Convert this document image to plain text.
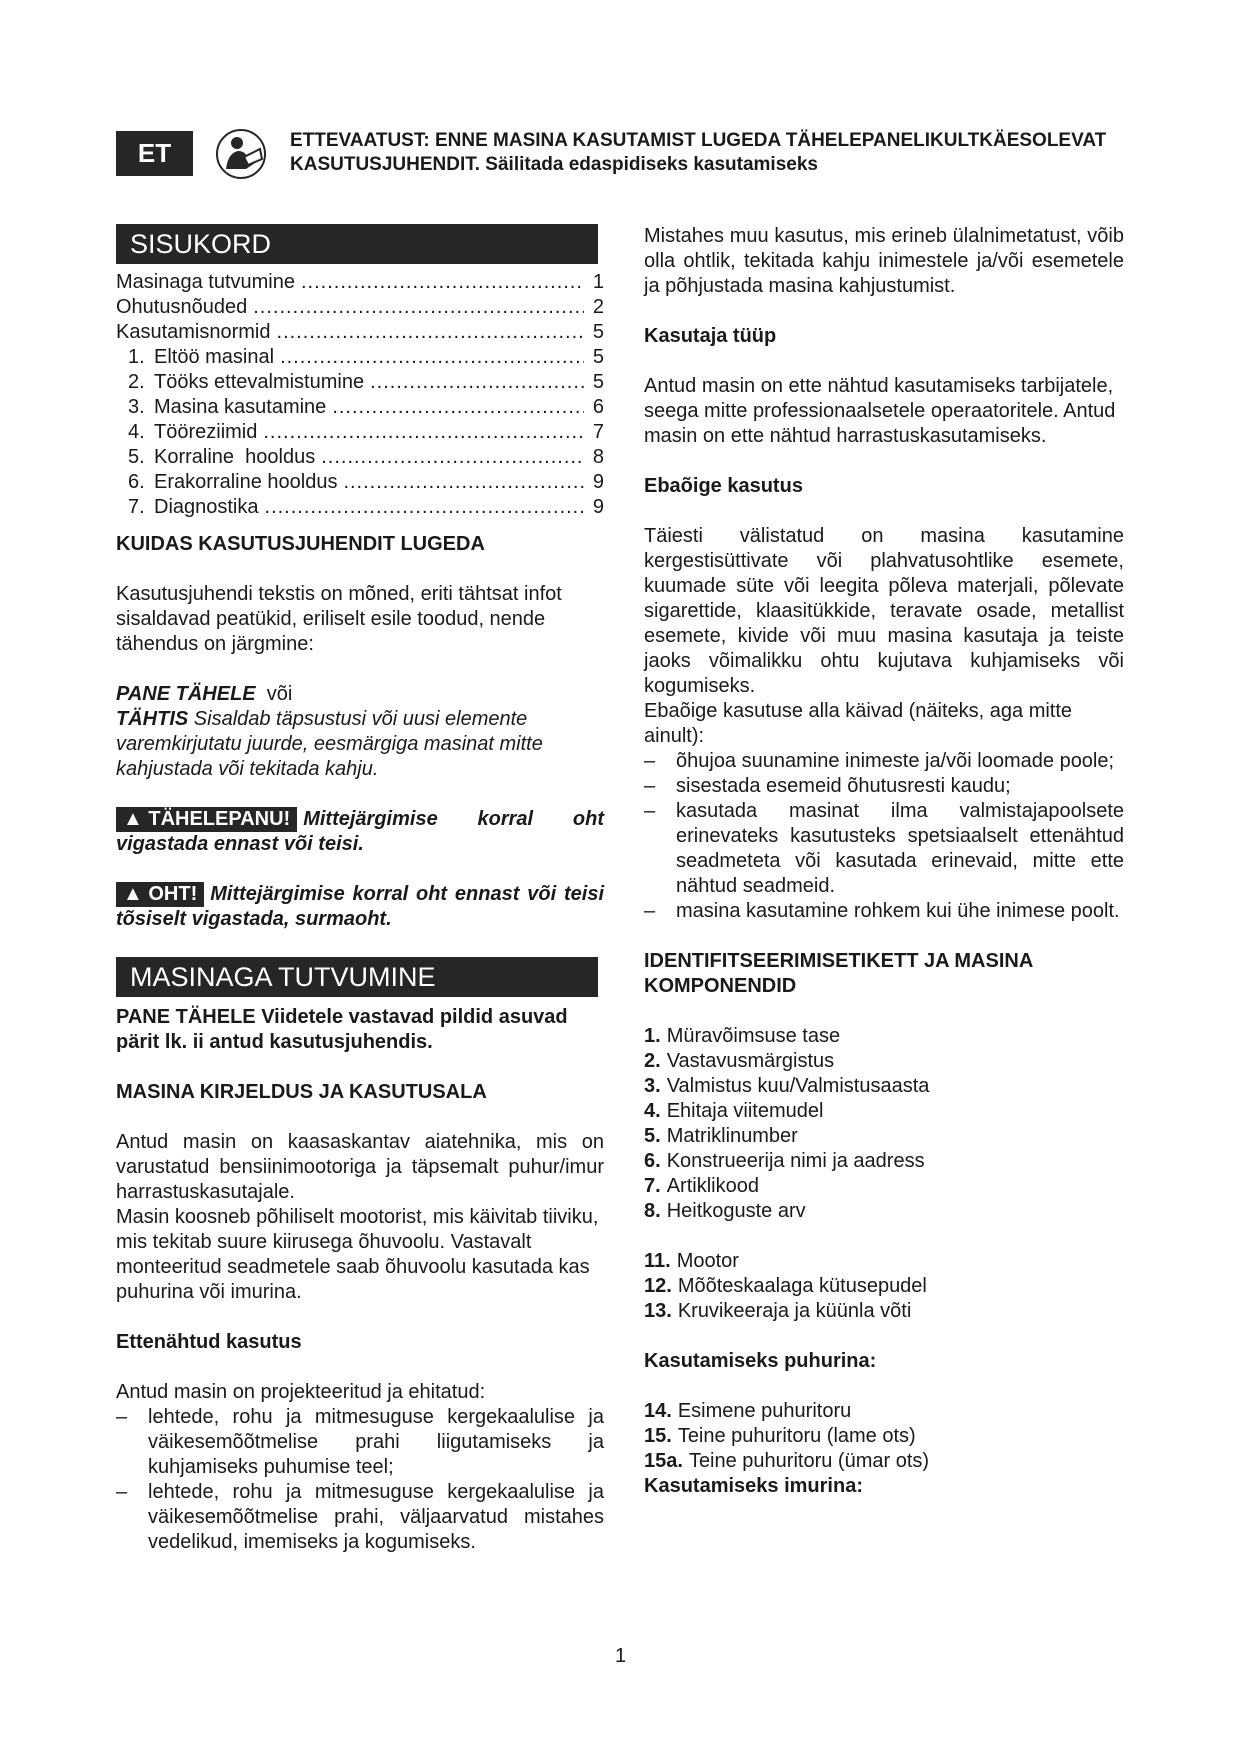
ET	ETTEVAATUST: ENNE MASINA KASUTAMIST LUGEDA TÄHELEPANELIKULTKÄESOLEVAT
KASUTUSJUHENDIT. Säilitada edaspidiseks kasutamiseks
SISUKORD
Masinaga tutvumine .....	1
Ohutusnõuded .....	2
Kasutamisnormid .....	5
1. Eltöö masinal .....	5
2. Tööks ettevalmistumine .....	5
3. Masina kasutamine .....	6
4. Tööreziimid .....	7
5. Korraline  hooldus .....	8
6. Erakorraline hooldus .....	9
7. Diagnostika .....	9

KUIDAS KASUTUSJUHENDIT LUGEDA

Kasutusjuhendi tekstis on mõned, eriti tähtsat infot sisaldavad peatükid, eriliselt esile toodud, nende tähendus on järgmine:

PANE TÄHELE või

TÄHTIS Sisaldab täpsustusi või uusi elemente varemkirjutatu juurde, eesmärgiga masinat mitte kahjustada või tekitada kahju.

▲ TÄHELEPANU! Mittejärgimise korral oht vigastada ennast või teisi.

▲ OHT! Mittejärgimise korral oht ennast või teisi tõsiselt vigastada, surmaoht.

MASINAGA TUTVUMINE

PANE TÄHELE Viidetele vastavad pildid asuvad pärit lk. ii antud kasutusjuhendis.

MASINA KIRJELDUS JA KASUTUSALA

Antud masin on kaasaskantav aiatehnika, mis on varustatud bensiinimootoriga ja täpsemalt puhur/imur harrastuskasutajale.

Masin koosneb põhiliselt mootorist, mis käivitab tiiviku, mis tekitab suure kiirusega õhuvoolu. Vastavalt monteeritud seadmetele saab õhuvoolu kasutada kas puhurina või imurina.

Ettenähtud kasutus

Antud masin on projekteeritud ja ehitatud:

–	lehtede, rohu ja mitmesuguse kergekaalulise ja väikesemõõtmelise prahi liigutamiseks ja kuhjamiseks puhumise teel;
–	lehtede, rohu ja mitmesuguse kergekaalulise ja väikesemõõtmelise prahi, väljaarvatud mistahes vedelikud, imemiseks ja kogumiseks.

Mistahes muu kasutus, mis erineb ülalnimetatust, võib olla ohtlik, tekitada kahju inimestele ja/või esemetele ja põhjustada masina kahjustumist.

Kasutaja tüüp

Antud masin on ette nähtud kasutamiseks tarbijatele, seega mitte professionaalsetele operaatoritele. Antud masin on ette nähtud harrastuskasutamiseks.

Ebaõige kasutus

Täiesti välistatud on masina kasutamine kergestisüttivate või plahvatusohtlike esemete, kuumade süte või leegita põleva materjali, põlevate sigarettide, klaasitükkide, teravate osade, metallist esemete, kivide või muu masina kasutaja ja teiste jaoks võimalikku ohtu kujutava kuhjamiseks või kogumiseks.

Ebaõige kasutuse alla käivad (näiteks, aga mitte ainult):

–	õhujoa suunamine inimeste ja/või loomade poole;
–	sisestada esemeid õhutusresti kaudu;
–	kasutada masinat ilma valmistajapoolsete erinevateks kasutusteks spetsiaalselt ettenähtud seadmeteta või kasutada erinevaid, mitte ette nähtud seadmeid.
–	masina kasutamine rohkem kui ühe inimese poolt.

IDENTIFITSEERIMISETIKETT JA MASINA KOMPONENDID

1. Müravõimsuse tase
2. Vastavusmärgistus
3. Valmistus kuu/Valmistusaasta
4. Ehitaja viitemudel
5. Matriklinumber
6. Konstrueerija nimi ja aadress
7. Artiklikood
8. Heitkoguste arv
11. Mootor
12. Mõõteskaalaga kütusepudel
13. Kruvikeeraja ja küünla võti

Kasutamiseks puhurina:

14. Esimene puhuritoru
15. Teine puhuritoru (lame ots)
15a. Teine puhuritoru (ümar ots)

Kasutamiseks imurina:

1
